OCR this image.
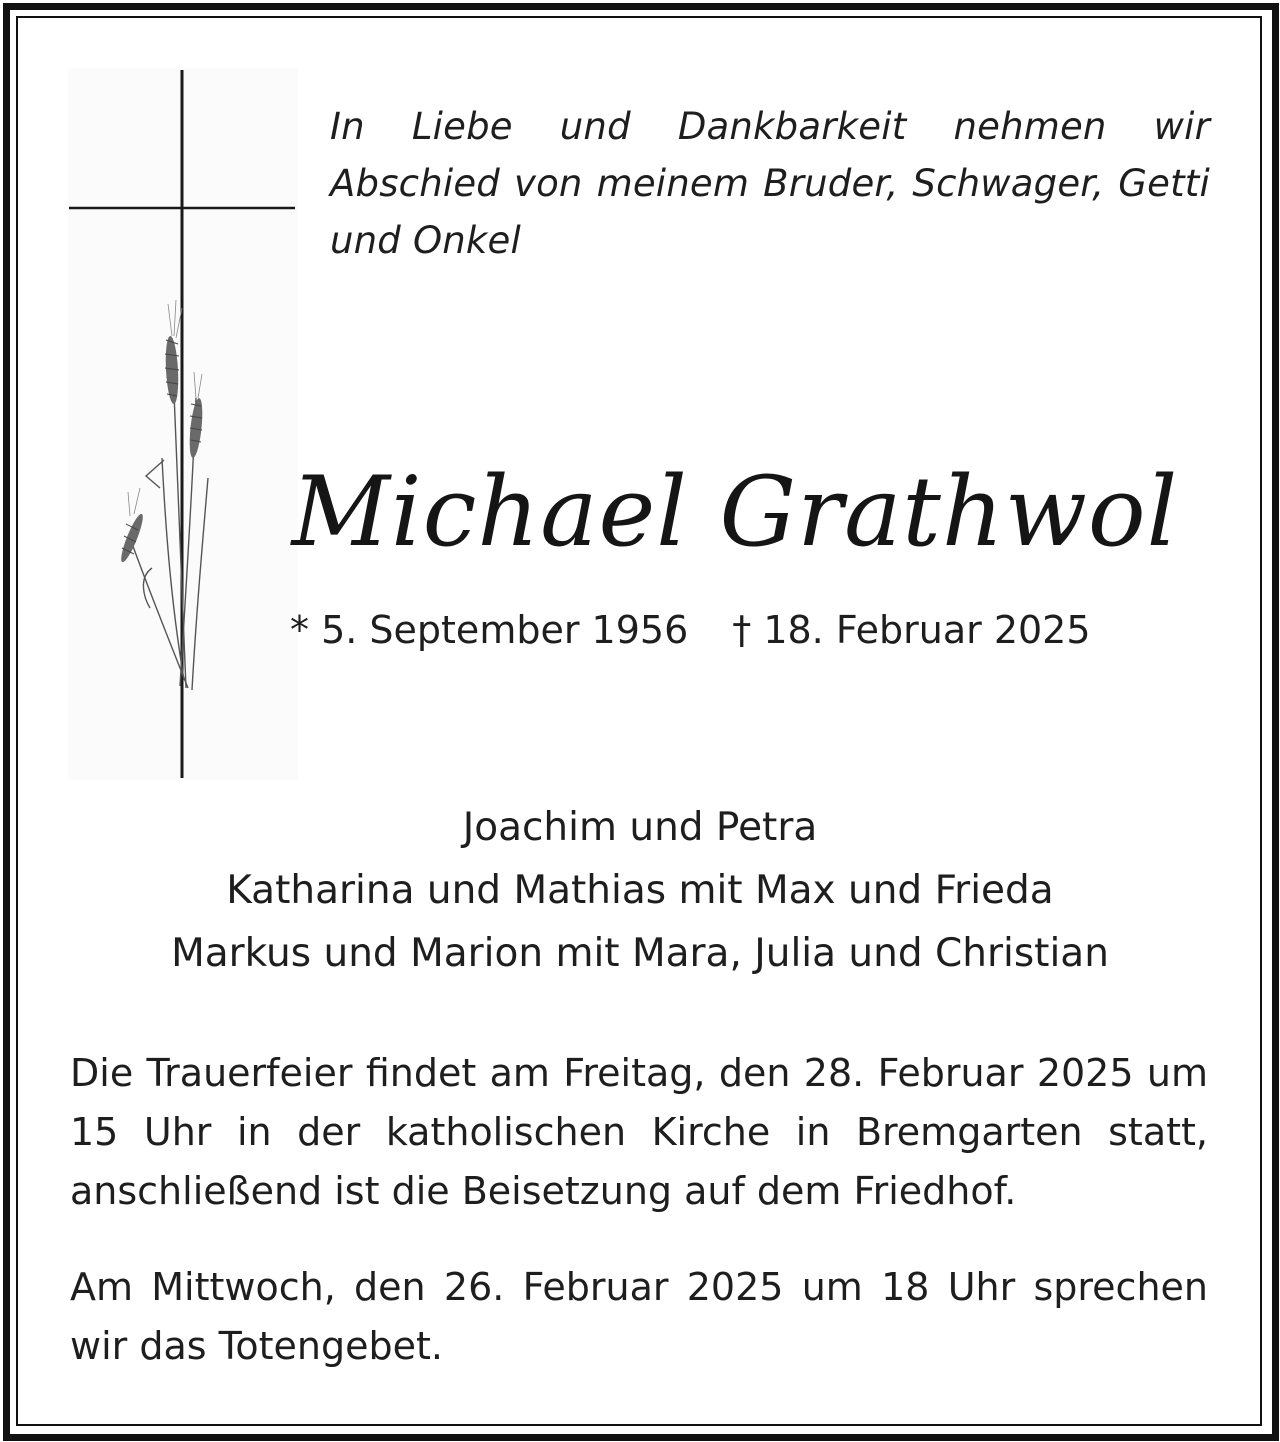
In Liebe und Dankbarkeit nehmen wir Abschied von meinem Bruder, Schwager, Getti und Onkel
Michael Grathwol
* 5. September 1956 † 18. Februar 2025
Joachim und Petra
Katharina und Mathias mit Max und Frieda
Markus und Marion mit Mara, Julia und Christian
Die Trauerfeier findet am Freitag, den 28. Februar 2025 um 15 Uhr in der katholischen Kirche in Bremgarten statt, anschließend ist die Beisetzung auf dem Friedhof.
Am Mittwoch, den 26. Februar 2025 um 18 Uhr sprechen wir das Totengebet.
